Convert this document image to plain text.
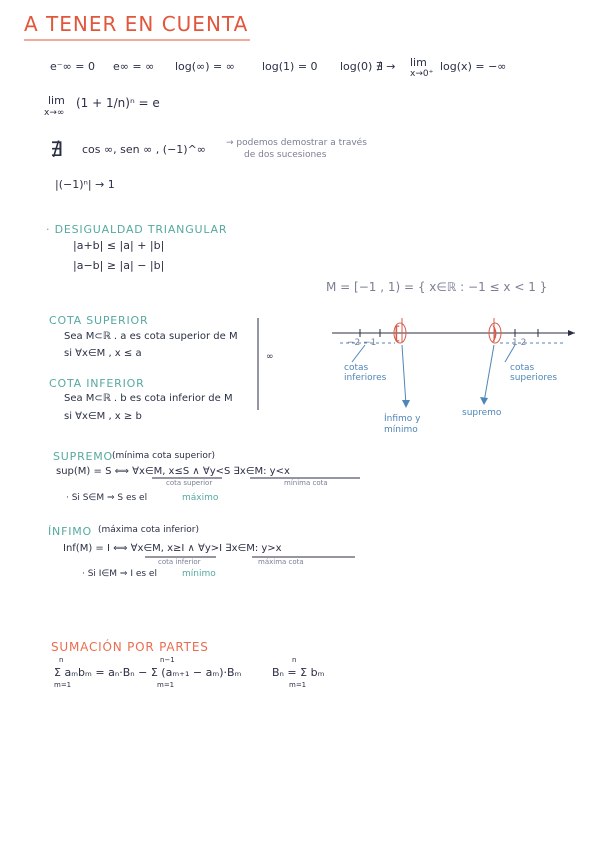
A TENER EN CUENTA
[	)
e⁻∞ = 0 e∞ = ∞ log(∞) = ∞ log(1) = 0 log(0) ∄ → lim
x→0⁺
log(x) = −∞
lim
x→∞
(1 + 1/n)ⁿ = e
∄ cos ∞, sen ∞ , (−1)^∞ → podemos demostrar a través
de dos sucesiones
|(−1)ⁿ| → 1
· DESIGUALDAD TRIANGULAR
|a+b| ≤ |a| + |b|
|a−b| ≥ |a| − |b|
M = [−1 , 1) = { x∈ℝ : −1 ≤ x < 1 }
−2 −1	1 2
cotas inferiores
cotas superiores
Ínfimo y mínimo
supremo
COTA SUPERIOR
Sea M⊂ℝ . a es cota superior de M
si ∀x∈M , x ≤ a	∞
COTA INFERIOR
Sea M⊂ℝ . b es cota inferior de M
si ∀x∈M , x ≥ b
SUPREMO
(mínima cota superior)
sup(M) = S ⟺ ∀x∈M, x≤S ∧ ∀y<S ∃x∈M: y<x
cota superior	mínima cota
· Si S∈M ⇒ S es el	máximo
ÍNFIMO (máxima cota inferior)
Inf(M) = I ⟺ ∀x∈M, x≥I ∧ ∀y>I ∃x∈M: y>x
cota inferior	máxima cota
· Si I∈M ⇒ I es el	mínimo
SUMACIÓN POR PARTES
n
m=1
n−1
m=1
Σ aₘbₘ = aₙ·Bₙ − Σ (aₘ₊₁ − aₘ)·Bₘ
n
m=1
Bₙ = Σ bₘ
